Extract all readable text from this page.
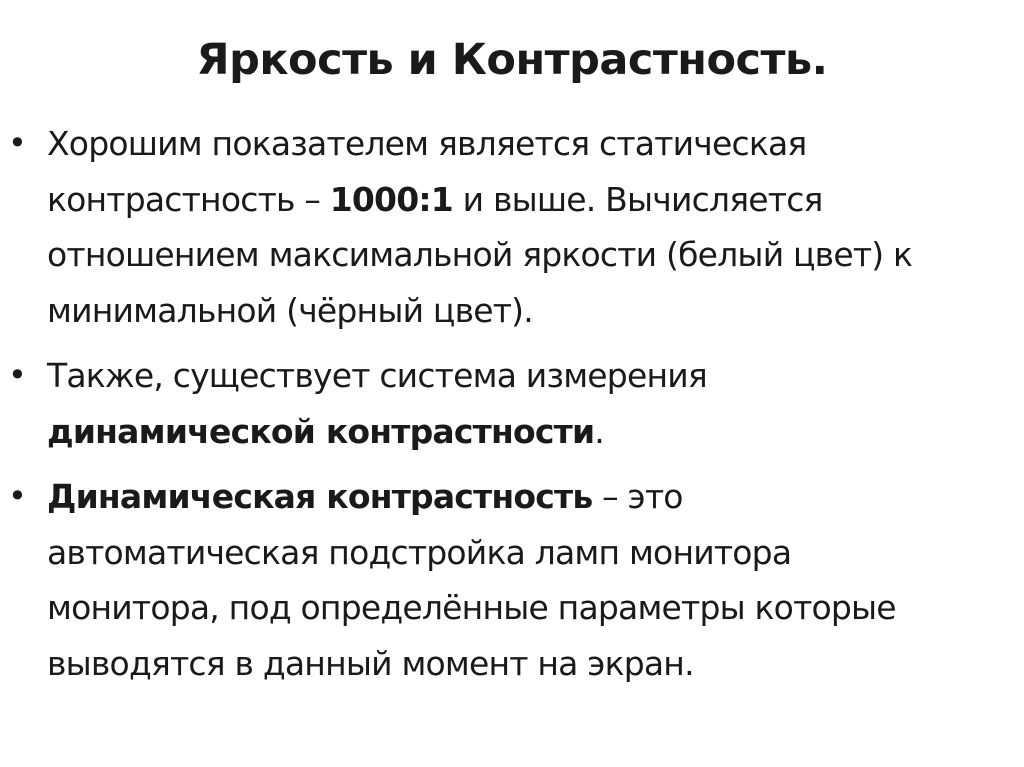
Яркость и Контрастность.
• Хорошим показателем является статическая контрастность – 1000:1 и выше. Вычисляется отношением максимальной яркости (белый цвет) к минимальной (чёрный цвет).
• Также, существует система измерения динамической контрастности.
• Динамическая контрастность – это автоматическая подстройка ламп монитора монитора, под определённые параметры которые выводятся в данный момент на экран.
